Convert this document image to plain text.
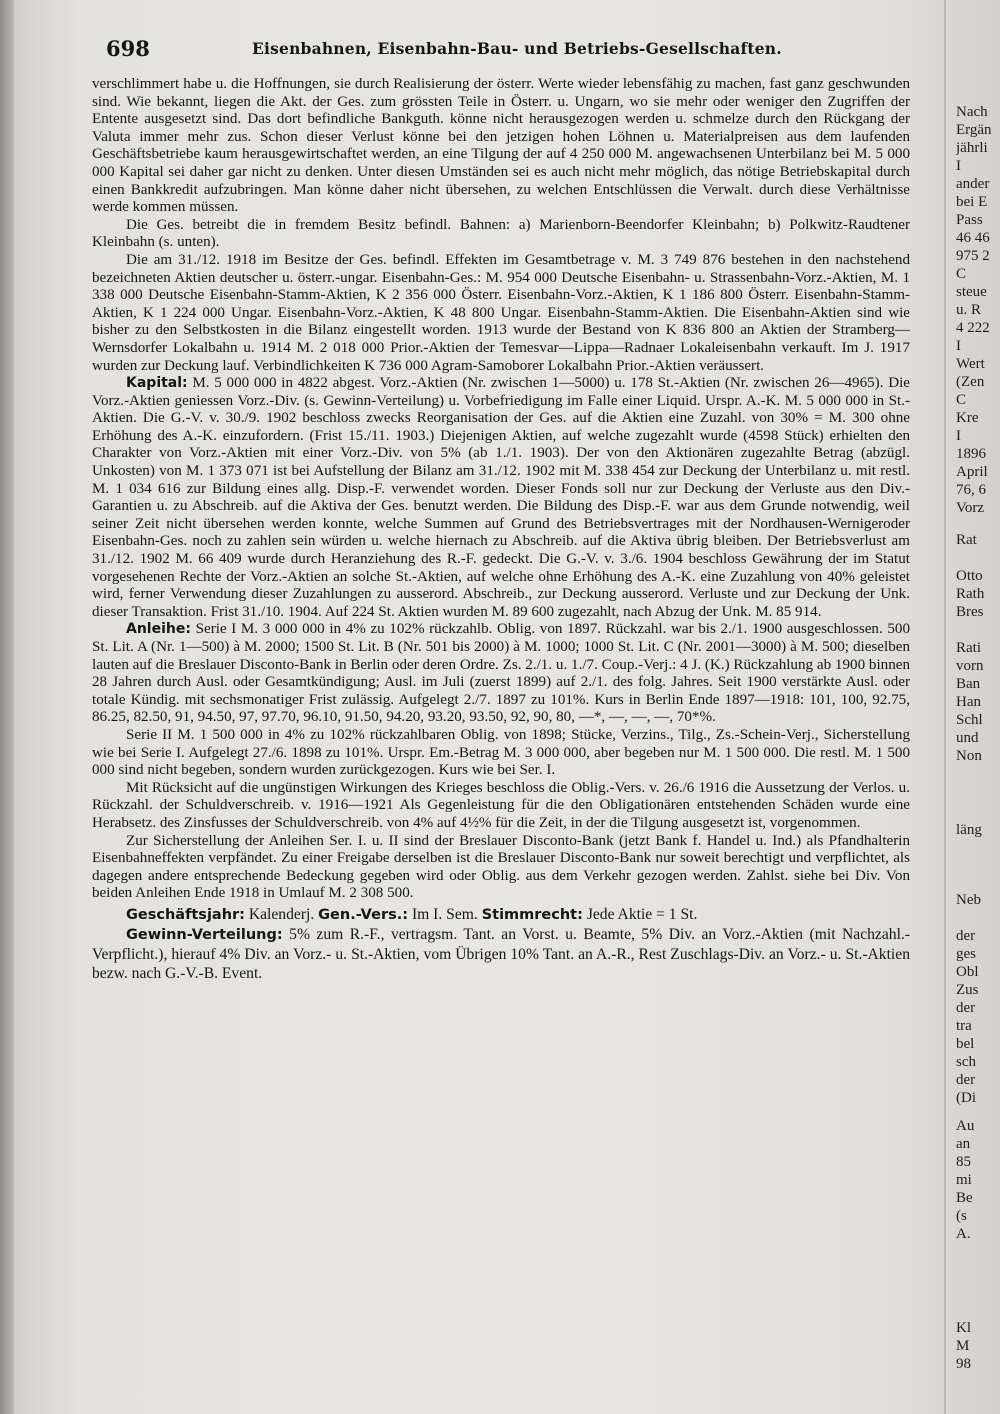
698	Eisenbahnen, Eisenbahn-Bau- und Betriebs-Gesellschaften.

verschlimmert habe u. die Hoffnungen, sie durch Realisierung der österr. Werte wieder lebensfähig zu machen, fast ganz geschwunden sind. Wie bekannt, liegen die Akt. der Ges. zum grössten Teile in Österr. u. Ungarn, wo sie mehr oder weniger den Zugriffen der Entente ausgesetzt sind. Das dort befindliche Bankguth. könne nicht herausgezogen werden u. schmelze durch den Rückgang der Valuta immer mehr zus. Schon dieser Verlust könne bei den jetzigen hohen Löhnen u. Materialpreisen aus dem laufenden Geschäftsbetriebe kaum herausgewirtschaftet werden, an eine Tilgung der auf 4 250 000 M. angewachsenen Unterbilanz bei M. 5 000 000 Kapital sei daher gar nicht zu denken. Unter diesen Umständen sei es auch nicht mehr möglich, das nötige Betriebskapital durch einen Bankkredit aufzubringen. Man könne daher nicht übersehen, zu welchen Entschlüssen die Verwalt. durch diese Verhältnisse werde kommen müssen.

Die Ges. betreibt die in fremdem Besitz befindl. Bahnen: a) Marienborn-Beendorfer Kleinbahn; b) Polkwitz-Raudtener Kleinbahn (s. unten).

Die am 31./12. 1918 im Besitze der Ges. befindl. Effekten im Gesamtbetrage v. M. 3 749 876 bestehen in den nachstehend bezeichneten Aktien deutscher u. österr.-ungar. Eisenbahn-Ges.: M. 954 000 Deutsche Eisenbahn- u. Strassenbahn-Vorz.-Aktien, M. 1 338 000 Deutsche Eisenbahn-Stamm-Aktien, K 2 356 000 Österr. Eisenbahn-Vorz.-Aktien, K 1 186 800 Österr. Eisenbahn-Stamm-Aktien, K 1 224 000 Ungar. Eisenbahn-Vorz.-Aktien, K 48 800 Ungar. Eisenbahn-Stamm-Aktien. Die Eisenbahn-Aktien sind wie bisher zu den Selbstkosten in die Bilanz eingestellt worden. 1913 wurde der Bestand von K 836 800 an Aktien der Stramberg—Wernsdorfer Lokalbahn u. 1914 M. 2 018 000 Prior.-Aktien der Temesvar—Lippa—Radnaer Lokaleisenbahn verkauft. Im J. 1917 wurden zur Deckung lauf. Verbindlichkeiten K 736 000 Agram-Samoborer Lokalbahn Prior.-Aktien veräussert.

Kapital: M. 5 000 000 in 4822 abgest. Vorz.-Aktien (Nr. zwischen 1—5000) u. 178 St.-Aktien (Nr. zwischen 26—4965). Die Vorz.-Aktien geniessen Vorz.-Div. (s. Gewinn-Verteilung) u. Vorbefriedigung im Falle einer Liquid. Urspr. A.-K. M. 5 000 000 in St.-Aktien. Die G.-V. v. 30./9. 1902 beschloss zwecks Reorganisation der Ges. auf die Aktien eine Zuzahl. von 30% = M. 300 ohne Erhöhung des A.-K. einzufordern. (Frist 15./11. 1903.) Diejenigen Aktien, auf welche zugezahlt wurde (4598 Stück) erhielten den Charakter von Vorz.-Aktien mit einer Vorz.-Div. von 5% (ab 1./1. 1903). Der von den Aktionären zugezahlte Betrag (abzügl. Unkosten) von M. 1 373 071 ist bei Aufstellung der Bilanz am 31./12. 1902 mit M. 338 454 zur Deckung der Unterbilanz u. mit restl. M. 1 034 616 zur Bildung eines allg. Disp.-F. verwendet worden. Dieser Fonds soll nur zur Deckung der Verluste aus den Div.-Garantien u. zu Abschreib. auf die Aktiva der Ges. benutzt werden. Die Bildung des Disp.-F. war aus dem Grunde notwendig, weil seiner Zeit nicht übersehen werden konnte, welche Summen auf Grund des Betriebsvertrages mit der Nordhausen-Wernigeroder Eisenbahn-Ges. noch zu zahlen sein würden u. welche hiernach zu Abschreib. auf die Aktiva übrig bleiben. Der Betriebsverlust am 31./12. 1902 M. 66 409 wurde durch Heranziehung des R.-F. gedeckt. Die G.-V. v. 3./6. 1904 beschloss Gewährung der im Statut vorgesehenen Rechte der Vorz.-Aktien an solche St.-Aktien, auf welche ohne Erhöhung des A.-K. eine Zuzahlung von 40% geleistet wird, ferner Verwendung dieser Zuzahlungen zu ausserord. Abschreib., zur Deckung ausserord. Verluste und zur Deckung der Unk. dieser Transaktion. Frist 31./10. 1904. Auf 224 St. Aktien wurden M. 89 600 zugezahlt, nach Abzug der Unk. M. 85 914.

Anleihe: Serie I M. 3 000 000 in 4% zu 102% rückzahlb. Oblig. von 1897. Rückzahl. war bis 2./1. 1900 ausgeschlossen. 500 St. Lit. A (Nr. 1—500) à M. 2000; 1500 St. Lit. B (Nr. 501 bis 2000) à M. 1000; 1000 St. Lit. C (Nr. 2001—3000) à M. 500; dieselben lauten auf die Breslauer Disconto-Bank in Berlin oder deren Ordre. Zs. 2./1. u. 1./7. Coup.-Verj.: 4 J. (K.) Rückzahlung ab 1900 binnen 28 Jahren durch Ausl. oder Gesamtkündigung; Ausl. im Juli (zuerst 1899) auf 2./1. des folg. Jahres. Seit 1900 verstärkte Ausl. oder totale Kündig. mit sechsmonatiger Frist zulässig. Aufgelegt 2./7. 1897 zu 101%. Kurs in Berlin Ende 1897—1918: 101, 100, 92.75, 86.25, 82.50, 91, 94.50, 97, 97.70, 96.10, 91.50, 94.20, 93.20, 93.50, 92, 90, 80, —*, —, —, —, 70*%.

Serie II M. 1 500 000 in 4% zu 102% rückzahlbaren Oblig. von 1898; Stücke, Verzins., Tilg., Zs.-Schein-Verj., Sicherstellung wie bei Serie I. Aufgelegt 27./6. 1898 zu 101%. Urspr. Em.-Betrag M. 3 000 000, aber begeben nur M. 1 500 000. Die restl. M. 1 500 000 sind nicht begeben, sondern wurden zurückgezogen. Kurs wie bei Ser. I.

Mit Rücksicht auf die ungünstigen Wirkungen des Krieges beschloss die Oblig.-Vers. v. 26./6 1916 die Aussetzung der Verlos. u. Rückzahl. der Schuldverschreib. v. 1916—1921 Als Gegenleistung für die den Obligationären entstehenden Schäden wurde eine Herabsetz. des Zinsfusses der Schuldverschreib. von 4% auf 4½% für die Zeit, in der die Tilgung ausgesetzt ist, vorgenommen.

Zur Sicherstellung der Anleihen Ser. I. u. II sind der Breslauer Disconto-Bank (jetzt Bank f. Handel u. Ind.) als Pfandhalterin Eisenbahneffekten verpfändet. Zu einer Freigabe derselben ist die Breslauer Disconto-Bank nur soweit berechtigt und verpflichtet, als dagegen andere entsprechende Bedeckung gegeben wird oder Oblig. aus dem Verkehr gezogen werden. Zahlst. siehe bei Div. Von beiden Anleihen Ende 1918 in Umlauf M. 2 308 500.

Geschäftsjahr: Kalenderj. Gen.-Vers.: Im I. Sem. Stimmrecht: Jede Aktie = 1 St.

Gewinn-Verteilung: 5% zum R.-F., vertragsm. Tant. an Vorst. u. Beamte, 5% Div. an Vorz.-Aktien (mit Nachzahl.-Verpflicht.), hierauf 4% Div. an Vorz.- u. St.-Aktien, vom Übrigen 10% Tant. an A.-R., Rest Zuschlags-Div. an Vorz.- u. St.-Aktien bezw. nach G.-V.-B. Event.

Nach
Ergän
jährli
I
ander
bei E
Pass
46 46
975 2
C
steue
u. R
4 222
I
Wert
(Zen
C
Kre
I
1896
April
76, 6
Vorz
Rat
Otto
Rath
Bres
Rati
vorn
Ban
Han
Schl
und
Non
läng
Neb
der
ges
Obl
Zus
der
tra
bel
sch
der
(Di
Au
an
85
mi
Be
(s
A.
Kl
M
98
